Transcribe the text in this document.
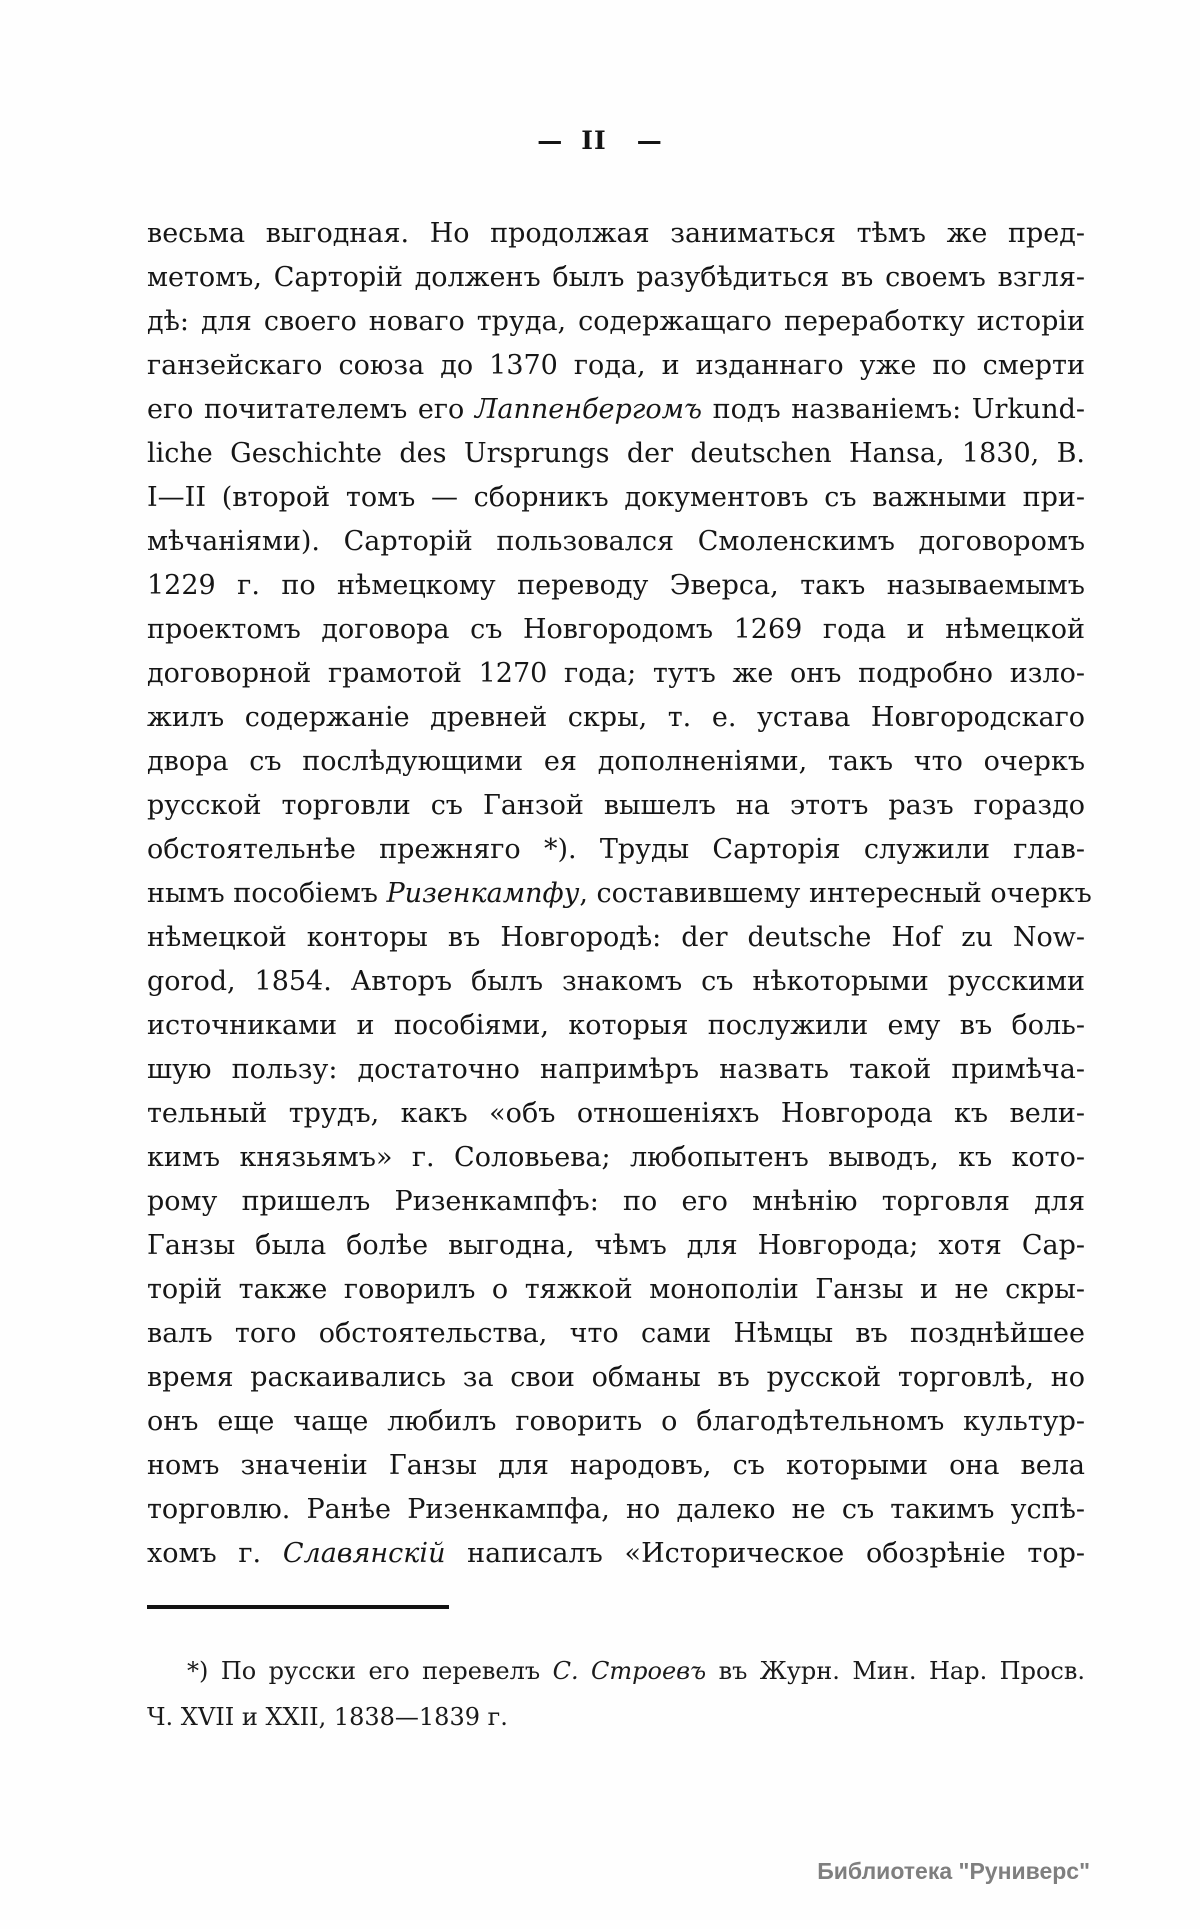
— II —
весьма выгодная. Но продолжая заниматься тѣмъ же пред-
метомъ, Сарторій долженъ былъ разубѣдиться въ своемъ взгля-
дѣ: для своего новаго труда, содержащаго переработку исторіи
ганзейскаго союза до 1370 года, и изданнаго уже по смерти
его почитателемъ его Лаппенбергомъ подъ названіемъ: Urkund-
liche Geschichte des Ursprungs der deutschen Hansa, 1830, B.
I—II (второй томъ — сборникъ документовъ съ важными при-
мѣчаніями). Сарторій пользовался Смоленскимъ договоромъ
1229 г. по нѣмецкому переводу Эверса, такъ называемымъ
проектомъ договора съ Новгородомъ 1269 года и нѣмецкой
договорной грамотой 1270 года; тутъ же онъ подробно изло-
жилъ содержаніе древней скры, т. е. устава Новгородскаго
двора съ послѣдующими ея дополненіями, такъ что очеркъ
русской торговли съ Ганзой вышелъ на этотъ разъ гораздо
обстоятельнѣе прежняго *). Труды Сарторія служили глав-
нымъ пособіемъ Ризенкампфу, составившему интересный очеркъ
нѣмецкой конторы въ Новгородѣ: der deutsche Hof zu Now-
gorod, 1854. Авторъ былъ знакомъ съ нѣкоторыми русскими
источниками и пособіями, которыя послужили ему въ боль-
шую пользу: достаточно напримѣръ назвать такой примѣча-
тельный трудъ, какъ «объ отношеніяхъ Новгорода къ вели-
кимъ князьямъ» г. Соловьева; любопытенъ выводъ, къ кото-
рому пришелъ Ризенкампфъ: по его мнѣнію торговля для
Ганзы была болѣе выгодна, чѣмъ для Новгорода; хотя Сар-
торій также говорилъ о тяжкой монополіи Ганзы и не скры-
валъ того обстоятельства, что сами Нѣмцы въ позднѣйшее
время раскаивались за свои обманы въ русской торговлѣ, но
онъ еще чаще любилъ говорить о благодѣтельномъ культур-
номъ значеніи Ганзы для народовъ, съ которыми она вела
торговлю. Ранѣе Ризенкампфа, но далеко не съ такимъ успѣ-
хомъ г. Славянскій написалъ «Историческое обозрѣніе тор-
*) По русски его перевелъ С. Строевъ въ Журн. Мин. Нар. Просв.
Ч. XVII и XXII, 1838—1839 г.
Библиотека "Руниверс"
